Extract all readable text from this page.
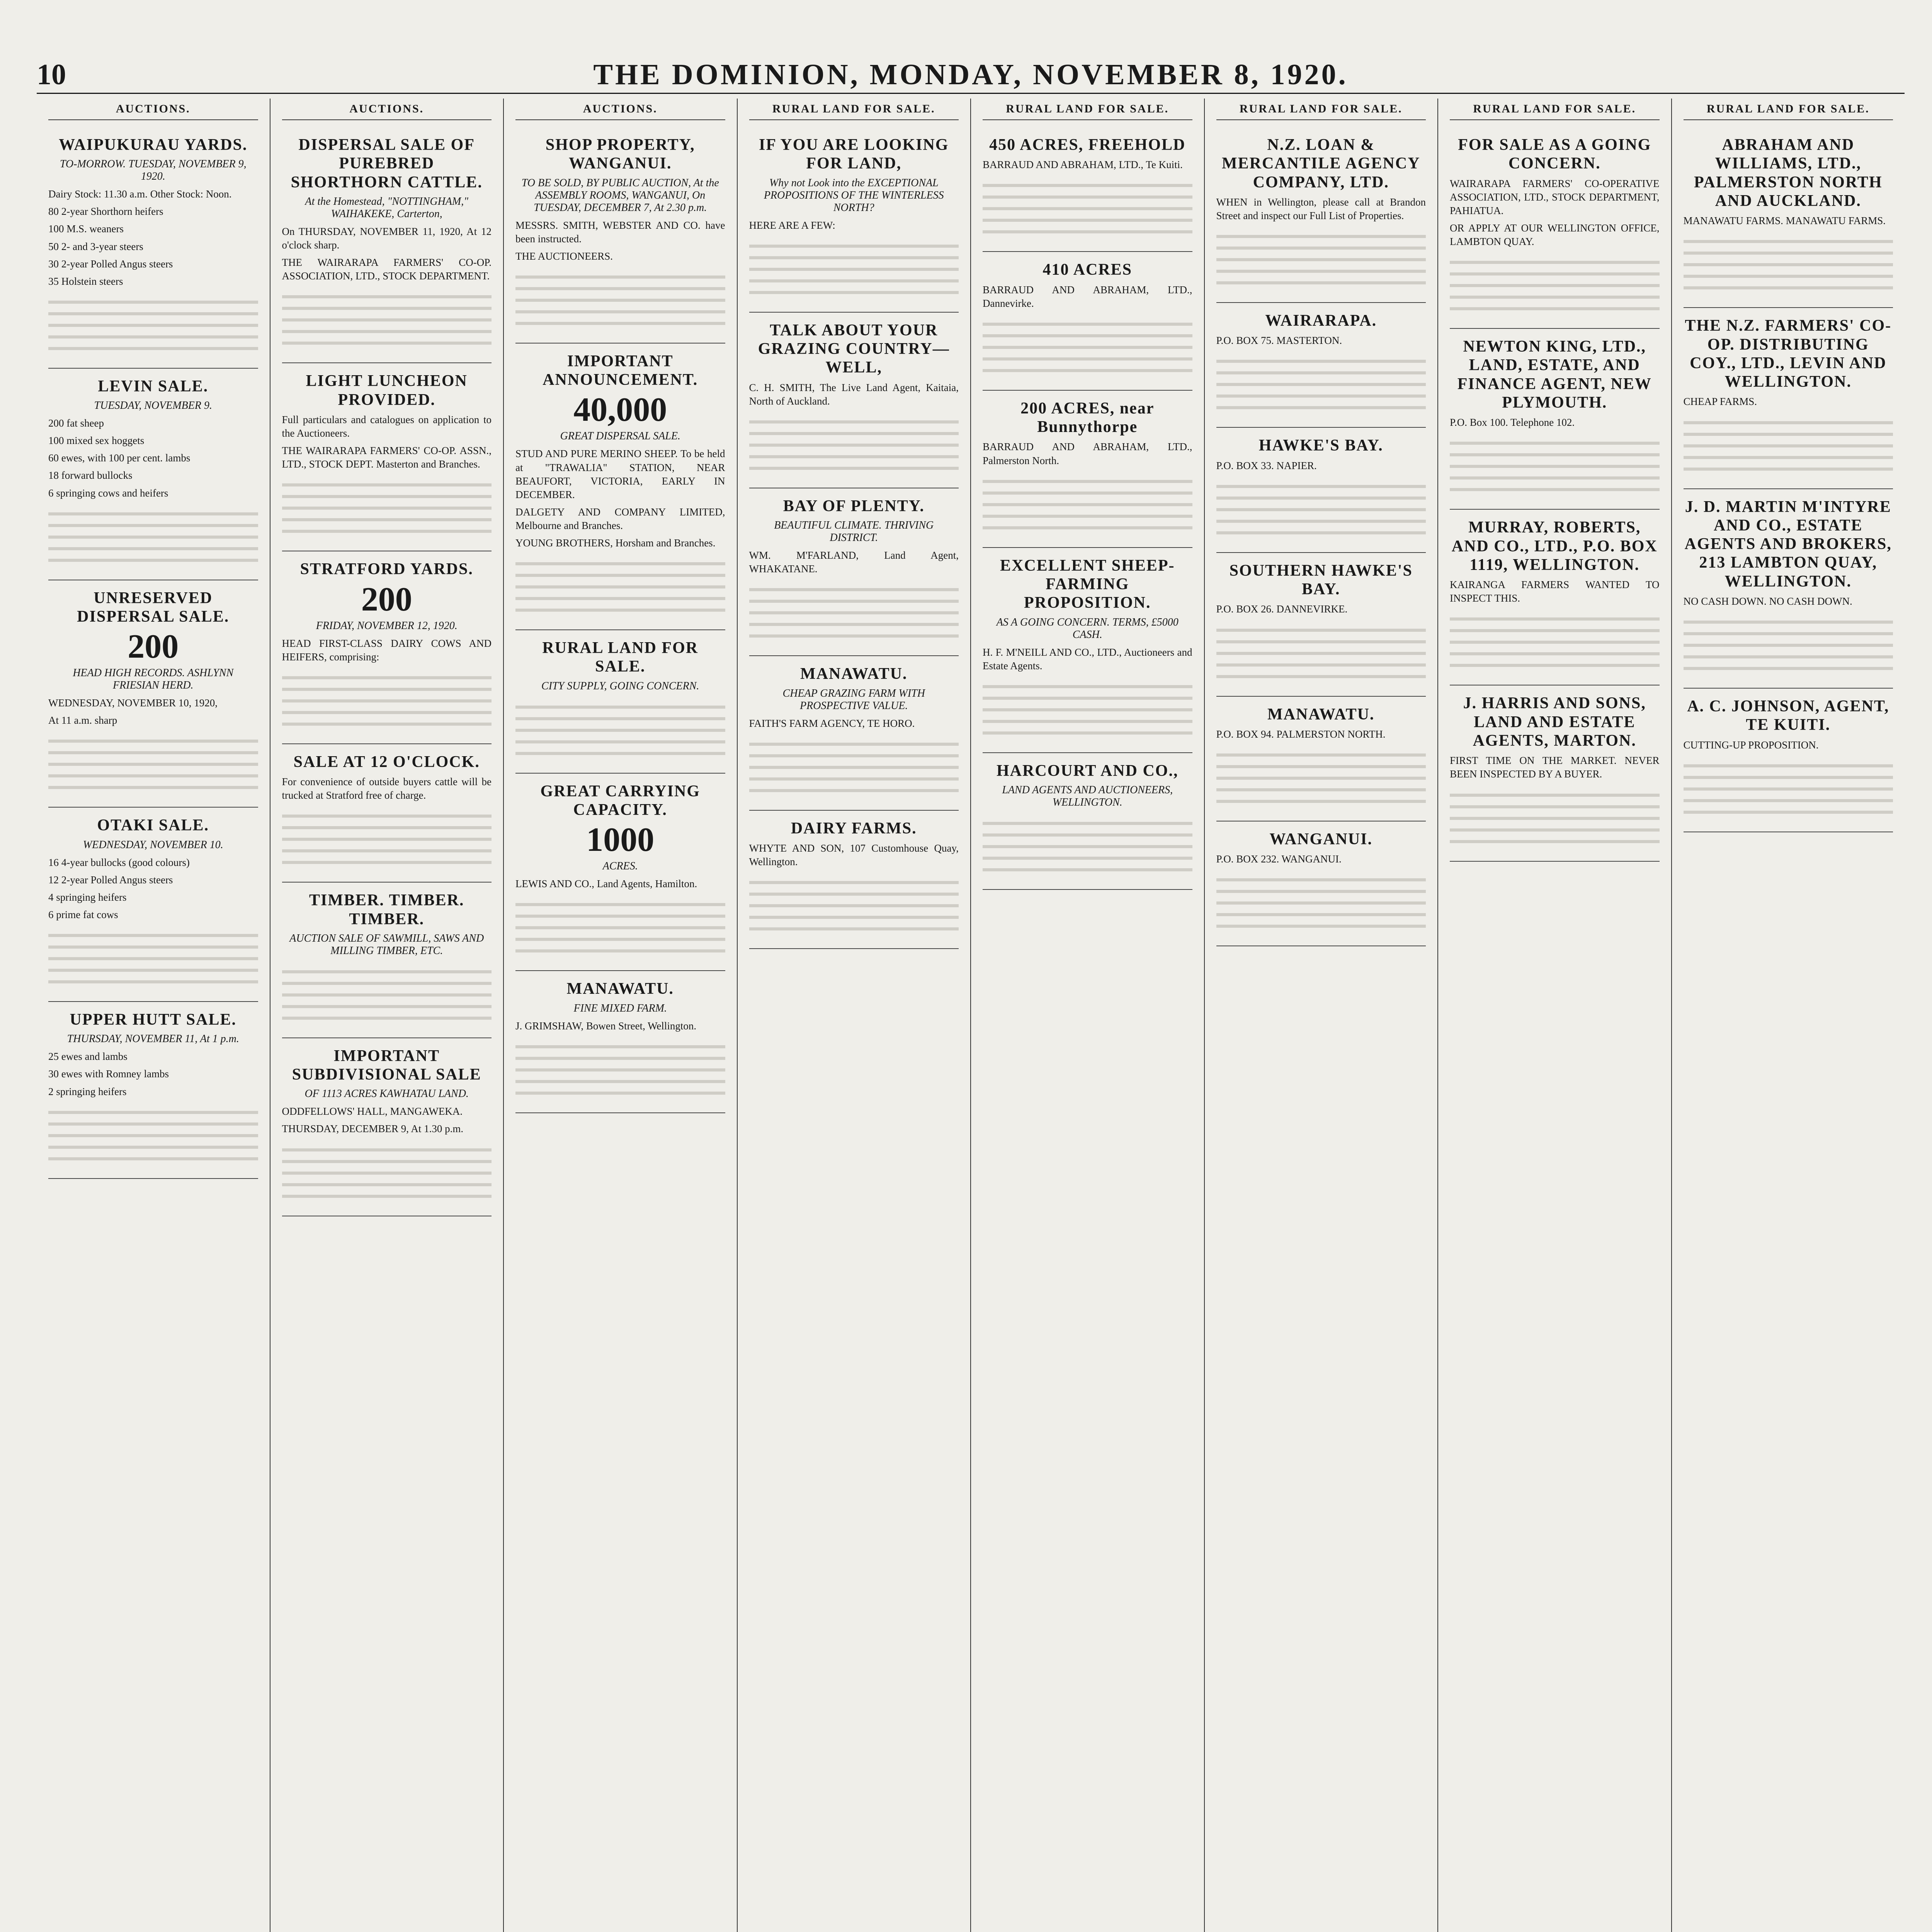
10	THE DOMINION, MONDAY, NOVEMBER 8, 1920.
AUCTIONS.
WAIPUKURAU YARDS.
TO-MORROW. TUESDAY, NOVEMBER 9, 1920.

Dairy Stock: 11.30 a.m. Other Stock: Noon.

80 2-year Shorthorn heifers

100 M.S. weaners

50 2- and 3-year steers

30 2-year Polled Angus steers

35 Holstein steers

LEVIN SALE.
TUESDAY, NOVEMBER 9.

200 fat sheep

100 mixed sex hoggets

60 ewes, with 100 per cent. lambs

18 forward bullocks

6 springing cows and heifers

UNRESERVED DISPERSAL SALE.
200
HEAD HIGH RECORDS. ASHLYNN FRIESIAN HERD.

WEDNESDAY, NOVEMBER 10, 1920,

At 11 a.m. sharp

OTAKI SALE.
WEDNESDAY, NOVEMBER 10.

16 4-year bullocks (good colours)

12 2-year Polled Angus steers

4 springing heifers

6 prime fat cows

UPPER HUTT SALE.
THURSDAY, NOVEMBER 11, At 1 p.m.

25 ewes and lambs

30 ewes with Romney lambs

2 springing heifers

AUCTIONS.
DISPERSAL SALE OF PUREBRED SHORTHORN CATTLE.
At the Homestead, "NOTTINGHAM," WAIHAKEKE, Carterton,

On THURSDAY, NOVEMBER 11, 1920, At 12 o'clock sharp.

THE WAIRARAPA FARMERS' CO-OP. ASSOCIATION, LTD., STOCK DEPARTMENT.

LIGHT LUNCHEON PROVIDED.

Full particulars and catalogues on application to the Auctioneers.

THE WAIRARAPA FARMERS' CO-OP. ASSN., LTD., STOCK DEPT. Masterton and Branches.

STRATFORD YARDS.
200
FRIDAY, NOVEMBER 12, 1920.

HEAD FIRST-CLASS DAIRY COWS AND HEIFERS, comprising:

SALE AT 12 O'CLOCK.

For convenience of outside buyers cattle will be trucked at Stratford free of charge.

TIMBER. TIMBER. TIMBER.
AUCTION SALE OF SAWMILL, SAWS AND MILLING TIMBER, ETC.
IMPORTANT SUBDIVISIONAL SALE
OF 1113 ACRES KAWHATAU LAND.

ODDFELLOWS' HALL, MANGAWEKA.

THURSDAY, DECEMBER 9, At 1.30 p.m.

AUCTIONS.
SHOP PROPERTY, WANGANUI.
TO BE SOLD, BY PUBLIC AUCTION, At the ASSEMBLY ROOMS, WANGANUI, On TUESDAY, DECEMBER 7, At 2.30 p.m.

MESSRS. SMITH, WEBSTER AND CO. have been instructed.

THE AUCTIONEERS.

IMPORTANT ANNOUNCEMENT.
40,000
GREAT DISPERSAL SALE.

STUD AND PURE MERINO SHEEP. To be held at "TRAWALIA" STATION, NEAR BEAUFORT, VICTORIA, EARLY IN DECEMBER.

DALGETY AND COMPANY LIMITED, Melbourne and Branches.

YOUNG BROTHERS, Horsham and Branches.

RURAL LAND FOR SALE.
CITY SUPPLY, GOING CONCERN.
GREAT CARRYING CAPACITY.
1000
ACRES.

LEWIS AND CO., Land Agents, Hamilton.

MANAWATU.
FINE MIXED FARM.

J. GRIMSHAW, Bowen Street, Wellington.

RURAL LAND FOR SALE.
IF YOU ARE LOOKING FOR LAND,
Why not Look into the EXCEPTIONAL PROPOSITIONS OF THE WINTERLESS NORTH?

HERE ARE A FEW:

TALK ABOUT YOUR GRAZING COUNTRY—WELL,

C. H. SMITH, The Live Land Agent, Kaitaia, North of Auckland.

BAY OF PLENTY.
BEAUTIFUL CLIMATE. THRIVING DISTRICT.

WM. M'FARLAND, Land Agent, WHAKATANE.

MANAWATU.
CHEAP GRAZING FARM WITH PROSPECTIVE VALUE.

FAITH'S FARM AGENCY, TE HORO.

DAIRY FARMS.

WHYTE AND SON, 107 Customhouse Quay, Wellington.

RURAL LAND FOR SALE.
450 ACRES, FREEHOLD

BARRAUD AND ABRAHAM, LTD., Te Kuiti.

410 ACRES

BARRAUD AND ABRAHAM, LTD., Dannevirke.

200 ACRES, near Bunnythorpe

BARRAUD AND ABRAHAM, LTD., Palmerston North.

EXCELLENT SHEEP-FARMING PROPOSITION.
AS A GOING CONCERN. TERMS, £5000 CASH.

H. F. M'NEILL AND CO., LTD., Auctioneers and Estate Agents.

HARCOURT AND CO.,
LAND AGENTS AND AUCTIONEERS, WELLINGTON.
RURAL LAND FOR SALE.
N.Z. LOAN & MERCANTILE AGENCY COMPANY, LTD.

WHEN in Wellington, please call at Brandon Street and inspect our Full List of Properties.

WAIRARAPA.

P.O. BOX 75. MASTERTON.

HAWKE'S BAY.

P.O. BOX 33. NAPIER.

SOUTHERN HAWKE'S BAY.

P.O. BOX 26. DANNEVIRKE.

MANAWATU.

P.O. BOX 94. PALMERSTON NORTH.

WANGANUI.

P.O. BOX 232. WANGANUI.

RURAL LAND FOR SALE.
FOR SALE AS A GOING CONCERN.

WAIRARAPA FARMERS' CO-OPERATIVE ASSOCIATION, LTD., STOCK DEPARTMENT, PAHIATUA.

OR APPLY AT OUR WELLINGTON OFFICE, LAMBTON QUAY.

NEWTON KING, LTD., LAND, ESTATE, AND FINANCE AGENT, NEW PLYMOUTH.

P.O. Box 100. Telephone 102.

MURRAY, ROBERTS, AND CO., LTD., P.O. BOX 1119, WELLINGTON.

KAIRANGA FARMERS WANTED TO INSPECT THIS.

J. HARRIS AND SONS, LAND AND ESTATE AGENTS, MARTON.

FIRST TIME ON THE MARKET. NEVER BEEN INSPECTED BY A BUYER.

RURAL LAND FOR SALE.
ABRAHAM AND WILLIAMS, LTD., PALMERSTON NORTH AND AUCKLAND.

MANAWATU FARMS. MANAWATU FARMS.

THE N.Z. FARMERS' CO-OP. DISTRIBUTING COY., LTD., LEVIN AND WELLINGTON.

CHEAP FARMS.

J. D. MARTIN M'INTYRE AND CO., ESTATE AGENTS AND BROKERS, 213 LAMBTON QUAY, WELLINGTON.

NO CASH DOWN. NO CASH DOWN.

A. C. JOHNSON, AGENT, TE KUITI.

CUTTING-UP PROPOSITION.
